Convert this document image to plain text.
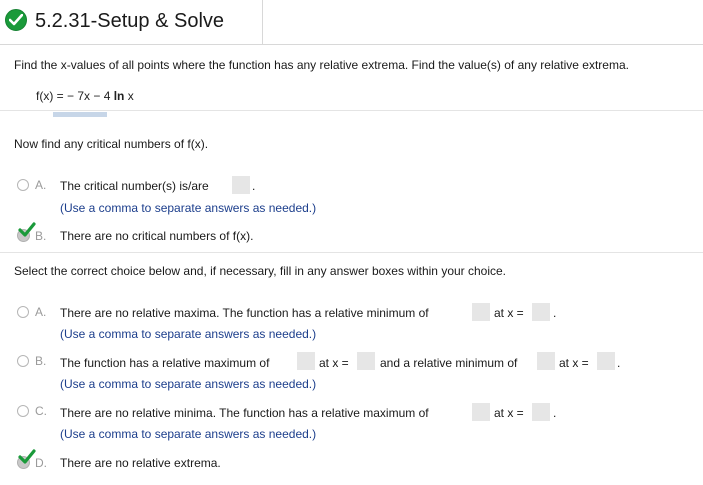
5.2.31-Setup & Solve
Find the x-values of all points where the function has any relative extrema. Find the value(s) of any relative extrema.
f(x) = − 7x − 4 ln x
Now find any critical numbers of f(x).
A. The critical number(s) is/are	.
(Use a comma to separate answers as needed.)
B. There are no critical numbers of f(x).
Select the correct choice below and, if necessary, fill in any answer boxes within your choice.
A. There are no relative maxima. The function has a relative minimum of	at x = .
(Use a comma to separate answers as needed.)
B. The function has a relative maximum of	at x =	and a relative minimum of	at x = .
(Use a comma to separate answers as needed.)
C. There are no relative minima. The function has a relative maximum of	at x = .
(Use a comma to separate answers as needed.)
D. There are no relative extrema.
